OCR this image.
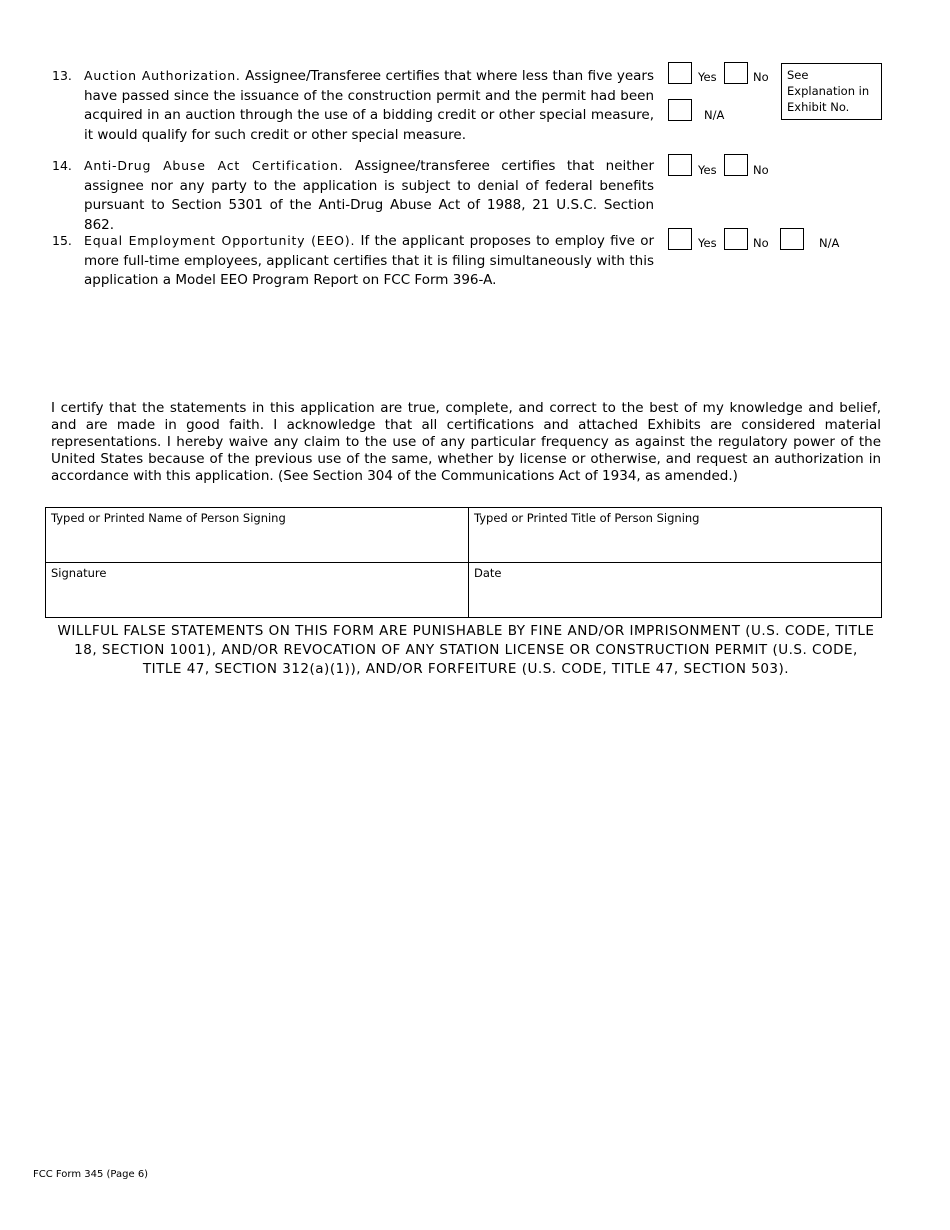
13. Auction Authorization. Assignee/Transferee certifies that where less than five years have passed since the issuance of the construction permit and the permit had been acquired in an auction through the use of a bidding credit or other special measure, it would qualify for such credit or other special measure.
Yes	No
N/A
See Explanation in Exhibit No.
14. Anti-Drug Abuse Act Certification. Assignee/transferee certifies that neither assignee nor any party to the application is subject to denial of federal benefits pursuant to Section 5301 of the Anti-Drug Abuse Act of 1988, 21 U.S.C. Section 862.
Yes	No
15. Equal Employment Opportunity (EEO). If the applicant proposes to employ five or more full-time employees, applicant certifies that it is filing simultaneously with this application a Model EEO Program Report on FCC Form 396-A.
Yes	No	N/A
I certify that the statements in this application are true, complete, and correct to the best of my knowledge and belief, and are made in good faith. I acknowledge that all certifications and attached Exhibits are considered material representations. I hereby waive any claim to the use of any particular frequency as against the regulatory power of the United States because of the previous use of the same, whether by license or otherwise, and request an authorization in accordance with this application. (See Section 304 of the Communications Act of 1934, as amended.)
Typed or Printed Name of Person Signing	Typed or Printed Title of Person Signing
Signature	Date
WILLFUL FALSE STATEMENTS ON THIS FORM ARE PUNISHABLE BY FINE AND/OR IMPRISONMENT (U.S. CODE, TITLE 18, SECTION 1001), AND/OR REVOCATION OF ANY STATION LICENSE OR CONSTRUCTION PERMIT (U.S. CODE, TITLE 47, SECTION 312(a)(1)), AND/OR FORFEITURE (U.S. CODE, TITLE 47, SECTION 503).
FCC Form 345 (Page 6)
